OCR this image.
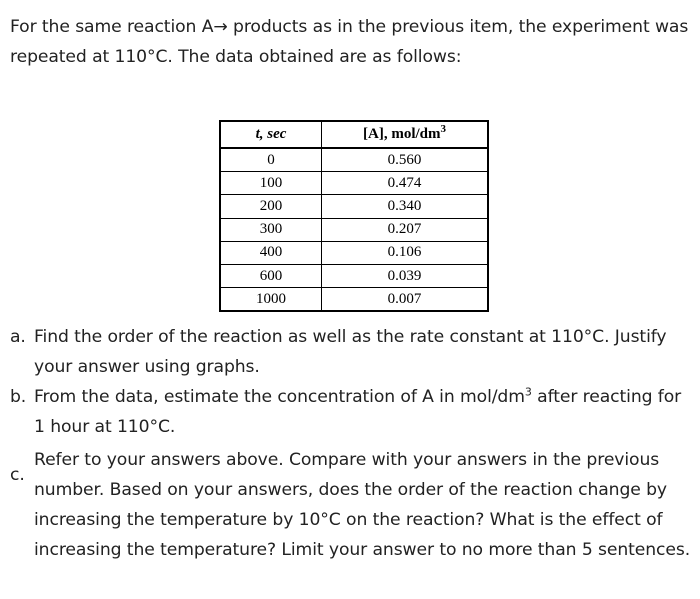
For the same reaction A→ products as in the previous item, the experiment was repeated at 110°C. The data obtained are as follows:
t, sec	[A], mol/$dm^3$
0	0.560
100	0.474
200	0.340
300	0.207
400	0.106
600	0.039
1000	0.007
a. Find the order of the reaction as well as the rate constant at 110°C. Justify your answer using graphs.
b. From the data, estimate the concentration of A in mol/$dm^3$ after reacting for 1 hour at 110°C.
c.
Refer to your answers above. Compare with your answers in the previous number. Based on your answers, does the order of the reaction change by increasing the temperature by 10°C on the reaction? What is the effect of increasing the temperature? Limit your answer to no more than 5 sentences.
